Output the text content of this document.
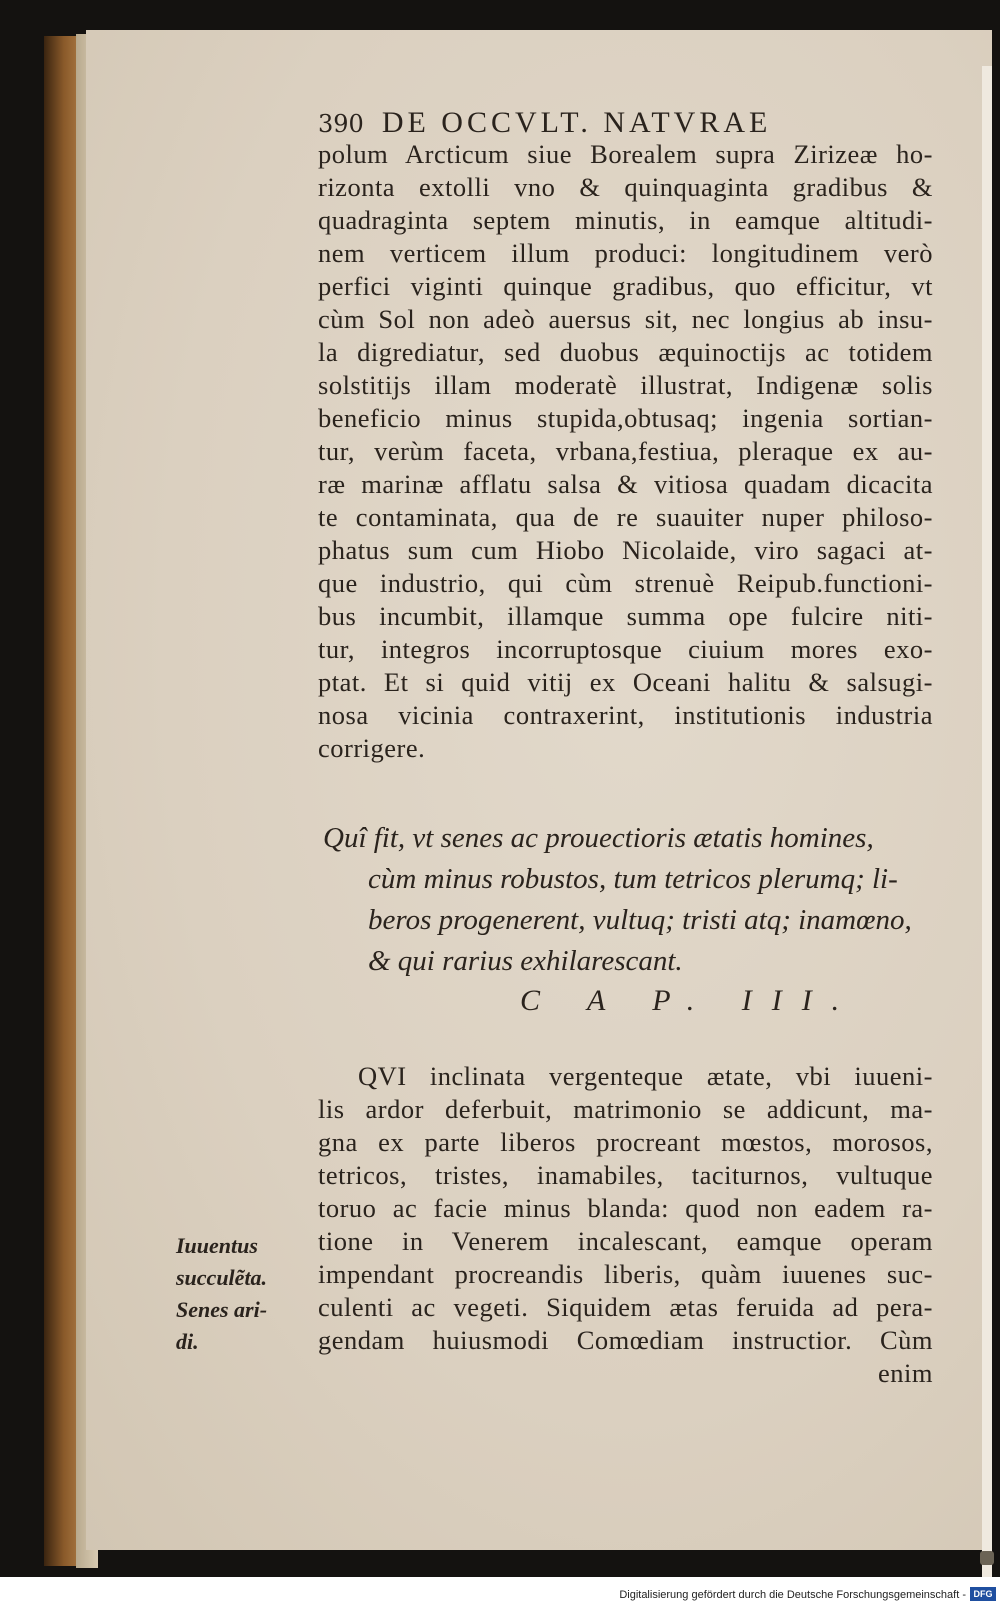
390 DE OCCVLT. NATVRAE
polum Arcticum siue Borealem supra Zirizeæ ho-
rizonta extolli vno & quinquaginta gradibus &
quadraginta septem minutis, in eamque altitudi-
nem verticem illum produci: longitudinem verò
perfici viginti quinque gradibus, quo efficitur, vt
cùm Sol non adeò auersus sit, nec longius ab insu-
la digrediatur, sed duobus æquinoctijs ac totidem
solstitijs illam moderatè illustrat, Indigenæ solis
beneficio minus stupida,obtusaq; ingenia sortian-
tur, verùm faceta, vrbana,festiua, pleraque ex au-
ræ marinæ afflatu salsa & vitiosa quadam dicacita
te contaminata, qua de re suauiter nuper philoso-
phatus sum cum Hiobo Nicolaide, viro sagaci at-
que industrio, qui cùm strenuè Reipub.functioni-
bus incumbit, illamque summa ope fulcire niti-
tur, integros incorruptosque ciuium mores exo-
ptat. Et si quid vitij ex Oceani halitu & salsugi-
nosa vicinia contraxerint, institutionis industria
corrigere.
Quî fit, vt senes ac prouectioris ætatis homines,
cùm minus robustos, tum tetricos plerumq; li-
beros progenerent, vultuq; tristi atq; inamœno,
& qui rarius exhilarescant.
C A P. III.
QVI inclinata vergenteque ætate, vbi iuueni-
lis ardor deferbuit, matrimonio se addicunt, ma-
gna ex parte liberos procreant mœstos, morosos,
tetricos, tristes, inamabiles, taciturnos, vultuque
toruo ac facie minus blanda: quod non eadem ra-
tione in Venerem incalescant, eamque operam
impendant procreandis liberis, quàm iuuenes suc-
culenti ac vegeti. Siquidem ætas feruida ad pera-
gendam huiusmodi Comœdiam instructior. Cùm
enim
Iuuentus
succulẽta.
Senes ari-
di.
Digitalisierung gefördert durch die Deutsche Forschungsgemeinschaft - DFG
